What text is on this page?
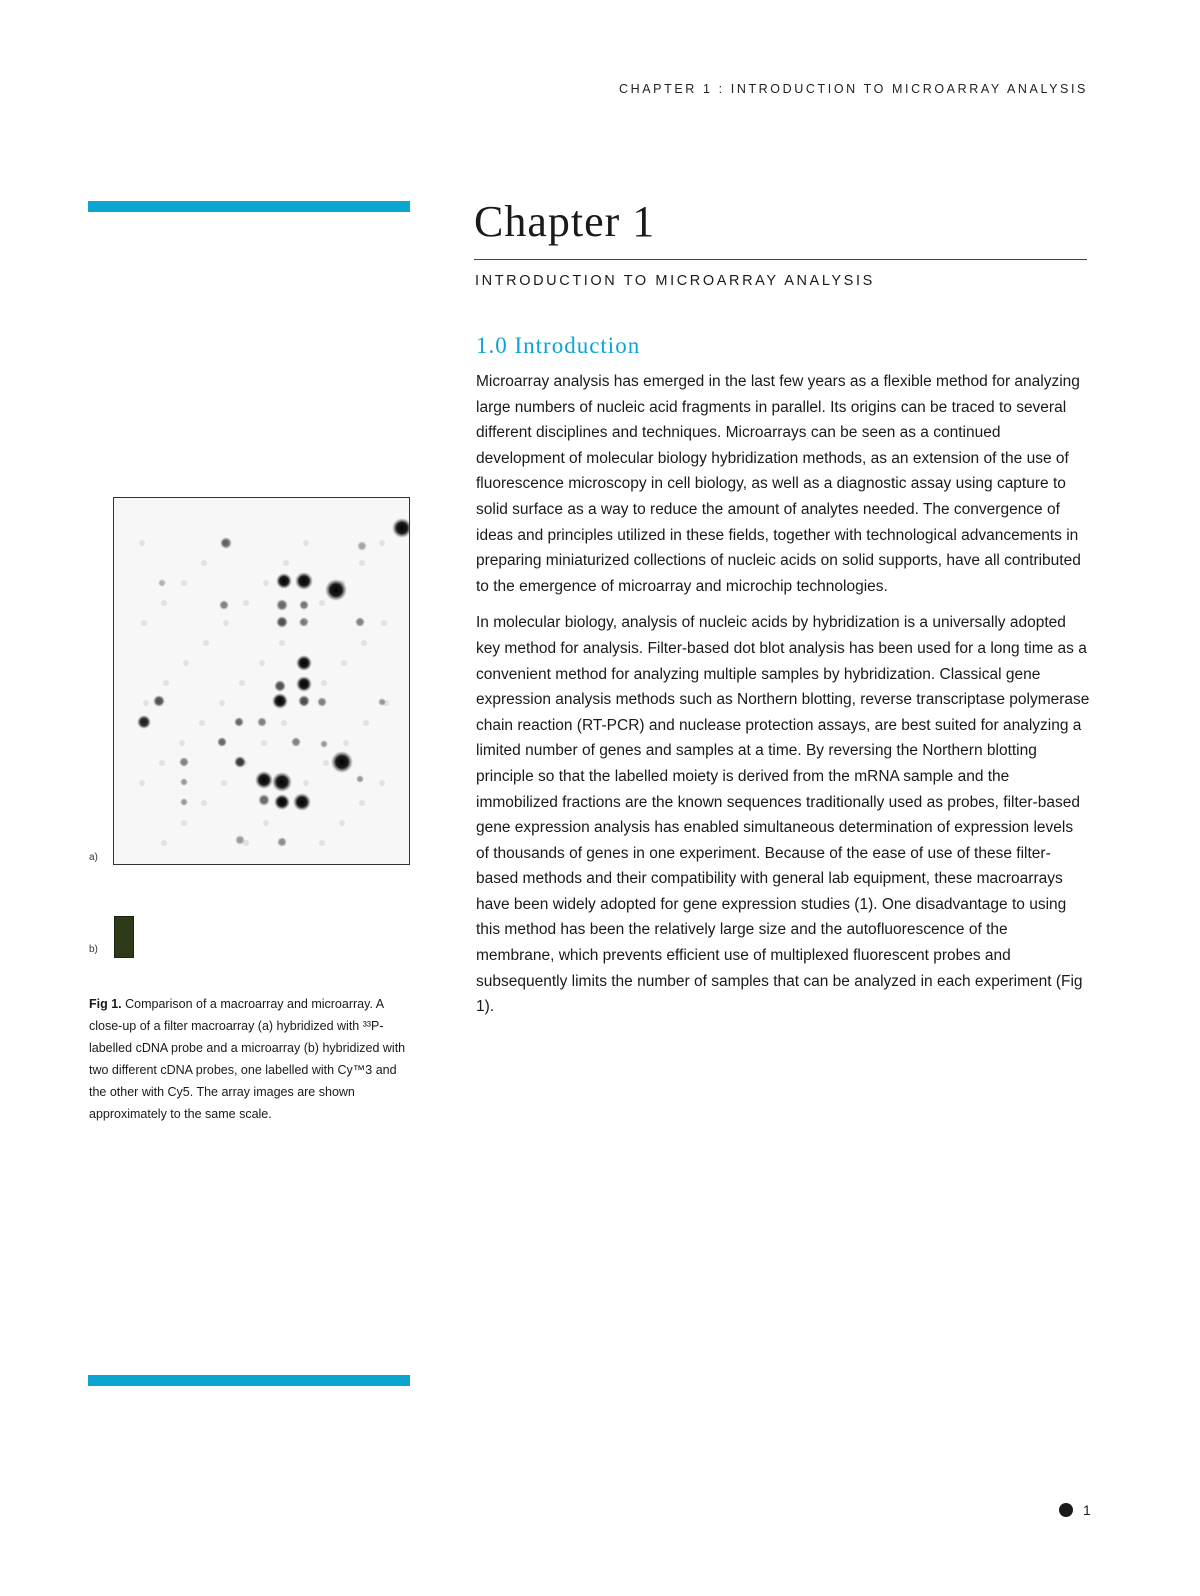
CHAPTER 1 : INTRODUCTION TO MICROARRAY ANALYSIS
Chapter 1
INTRODUCTION TO MICROARRAY ANALYSIS
1.0 Introduction

Microarray analysis has emerged in the last few years as a flexible method for analyzing large numbers of nucleic acid fragments in parallel. Its origins can be traced to several different disciplines and techniques. Microarrays can be seen as a continued development of molecular biology hybridization methods, as an extension of the use of fluorescence microscopy in cell biology, as well as a diagnostic assay using capture to solid surface as a way to reduce the amount of analytes needed. The convergence of ideas and principles utilized in these fields, together with technological advancements in preparing miniaturized collections of nucleic acids on solid supports, have all contributed to the emergence of microarray and microchip technologies.

In molecular biology, analysis of nucleic acids by hybridization is a universally adopted key method for analysis. Filter-based dot blot analysis has been used for a long time as a convenient method for analyzing multiple samples by hybridization. Classical gene expression analysis methods such as Northern blotting, reverse transcriptase polymerase chain reaction (RT-PCR) and nuclease protection assays, are best suited for analyzing a limited number of genes and samples at a time. By reversing the Northern blotting principle so that the labelled moiety is derived from the mRNA sample and the immobilized fractions are the known sequences traditionally used as probes, filter-based gene expression analysis has enabled simultaneous determination of expression levels of thousands of genes in one experiment. Because of the ease of use of these filter-based methods and their compatibility with general lab equipment, these macroarrays have been widely adopted for gene expression studies (1). One disadvantage to using this method has been the relatively large size and the autofluorescence of the membrane, which prevents efficient use of multiplexed fluorescent probes and subsequently limits the number of samples that can be analyzed in each experiment (Fig 1).

a)
b)
Fig 1. Comparison of a macroarray and microarray. A close-up of a filter macroarray (a) hybridized with ³³P-labelled cDNA probe and a microarray (b) hybridized with two different cDNA probes, one labelled with Cy™3 and the other with Cy5. The array images are shown approximately to the same scale.
1
